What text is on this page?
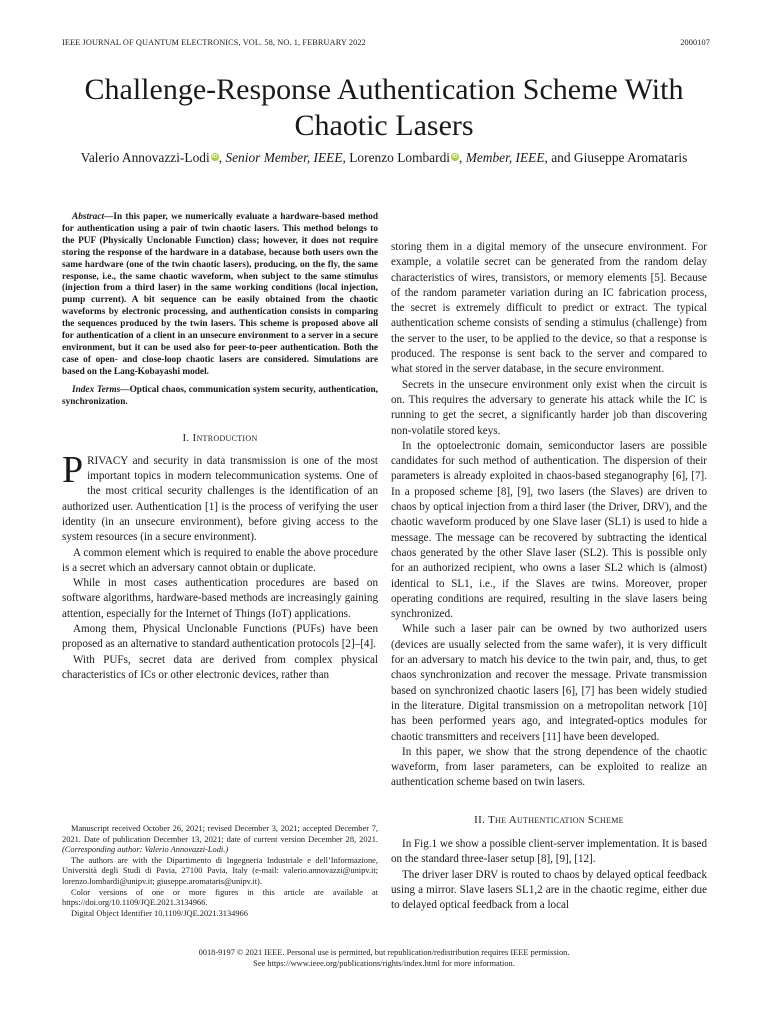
IEEE JOURNAL OF QUANTUM ELECTRONICS, VOL. 58, NO. 1, FEBRUARY 2022	2000107
Challenge-Response Authentication Scheme With Chaotic Lasers
Valerio Annovazzi-Lodi iD, Senior Member, IEEE, Lorenzo Lombardi iD, Member, IEEE, and Giuseppe Aromataris

Abstract—In this paper, we numerically evaluate a hardware-based method for authentication using a pair of twin chaotic lasers. This method belongs to the PUF (Physically Unclonable Function) class; however, it does not require storing the response of the hardware in a database, because both users own the same hardware (one of the twin chaotic lasers), producing, on the fly, the same response, i.e., the same chaotic waveform, when subject to the same stimulus (injection from a third laser) in the same working conditions (local injection, pump current). A bit sequence can be easily obtained from the chaotic waveforms by electronic processing, and authentication consists in comparing the sequences produced by the twin lasers. This scheme is proposed above all for authentication of a client in an unsecure environment to a server in a secure environment, but it can be used also for peer-to-peer authentication. Both the case of open- and close-loop chaotic lasers are considered. Simulations are based on the Lang-Kobayashi model.

Index Terms—Optical chaos, communication system security, authentication, synchronization.

I. Introduction

PRIVACY and security in data transmission is one of the most important topics in modern telecommunication systems. One of the most critical security challenges is the identification of an authorized user. Authentication [1] is the process of verifying the user identity (in an unsecure environment), before giving access to the system resources (in a secure environment).

A common element which is required to enable the above procedure is a secret which an adversary cannot obtain or duplicate.

While in most cases authentication procedures are based on software algorithms, hardware-based methods are increasingly gaining attention, especially for the Internet of Things (IoT) applications.

Among them, Physical Unclonable Functions (PUFs) have been proposed as an alternative to standard authentication protocols [2]–[4].

With PUFs, secret data are derived from complex physical characteristics of ICs or other electronic devices, rather than

Manuscript received October 26, 2021; revised December 3, 2021; accepted December 7, 2021. Date of publication December 13, 2021; date of current version December 28, 2021. (Corresponding author: Valerio Annovazzi-Lodi.)

The authors are with the Dipartimento di Ingegneria Industriale e dell’Informazione, Università degli Studi di Pavia, 27100 Pavia, Italy (e-mail: valerio.annovazzi@unipv.it; lorenzo.lombardi@unipv.it; giuseppe.aromataris@unipv.it).

Color versions of one or more figures in this article are available at https://doi.org/10.1109/JQE.2021.3134966.

Digital Object Identifier 10.1109/JQE.2021.3134966

storing them in a digital memory of the unsecure environment. For example, a volatile secret can be generated from the random delay characteristics of wires, transistors, or memory elements [5]. Because of the random parameter variation during an IC fabrication process, the secret is extremely difficult to predict or extract. The typical authentication scheme consists of sending a stimulus (challenge) from the server to the user, to be applied to the device, so that a response is produced. The response is sent back to the server and compared to what stored in the server database, in the secure environment.

Secrets in the unsecure environment only exist when the circuit is on. This requires the adversary to generate his attack while the IC is running to get the secret, a significantly harder job than discovering non-volatile stored keys.

In the optoelectronic domain, semiconductor lasers are possible candidates for such method of authentication. The dispersion of their parameters is already exploited in chaos-based steganography [6], [7]. In a proposed scheme [8], [9], two lasers (the Slaves) are driven to chaos by optical injection from a third laser (the Driver, DRV), and the chaotic waveform produced by one Slave laser (SL1) is used to hide a message. The message can be recovered by subtracting the identical chaos generated by the other Slave laser (SL2). This is possible only for an authorized recipient, who owns a laser SL2 which is (almost) identical to SL1, i.e., if the Slaves are twins. Moreover, proper operating conditions are required, resulting in the slave lasers being synchronized.

While such a laser pair can be owned by two authorized users (devices are usually selected from the same wafer), it is very difficult for an adversary to match his device to the twin pair, and, thus, to get chaos synchronization and recover the message. Private transmission based on synchronized chaotic lasers [6], [7] has been widely studied in the literature. Digital transmission on a metropolitan network [10] has been performed years ago, and integrated-optics modules for chaotic transmitters and receivers [11] have been developed.

In this paper, we show that the strong dependence of the chaotic waveform, from laser parameters, can be exploited to realize an authentication scheme based on twin lasers.

II. The Authentication Scheme

In Fig.1 we show a possible client-server implementation. It is based on the standard three-laser setup [8], [9], [12].

The driver laser DRV is routed to chaos by delayed optical feedback using a mirror. Slave lasers SL1,2 are in the chaotic regime, either due to delayed optical feedback from a local

0018-9197 © 2021 IEEE. Personal use is permitted, but republication/redistribution requires IEEE permission.
See https://www.ieee.org/publications/rights/index.html for more information.
